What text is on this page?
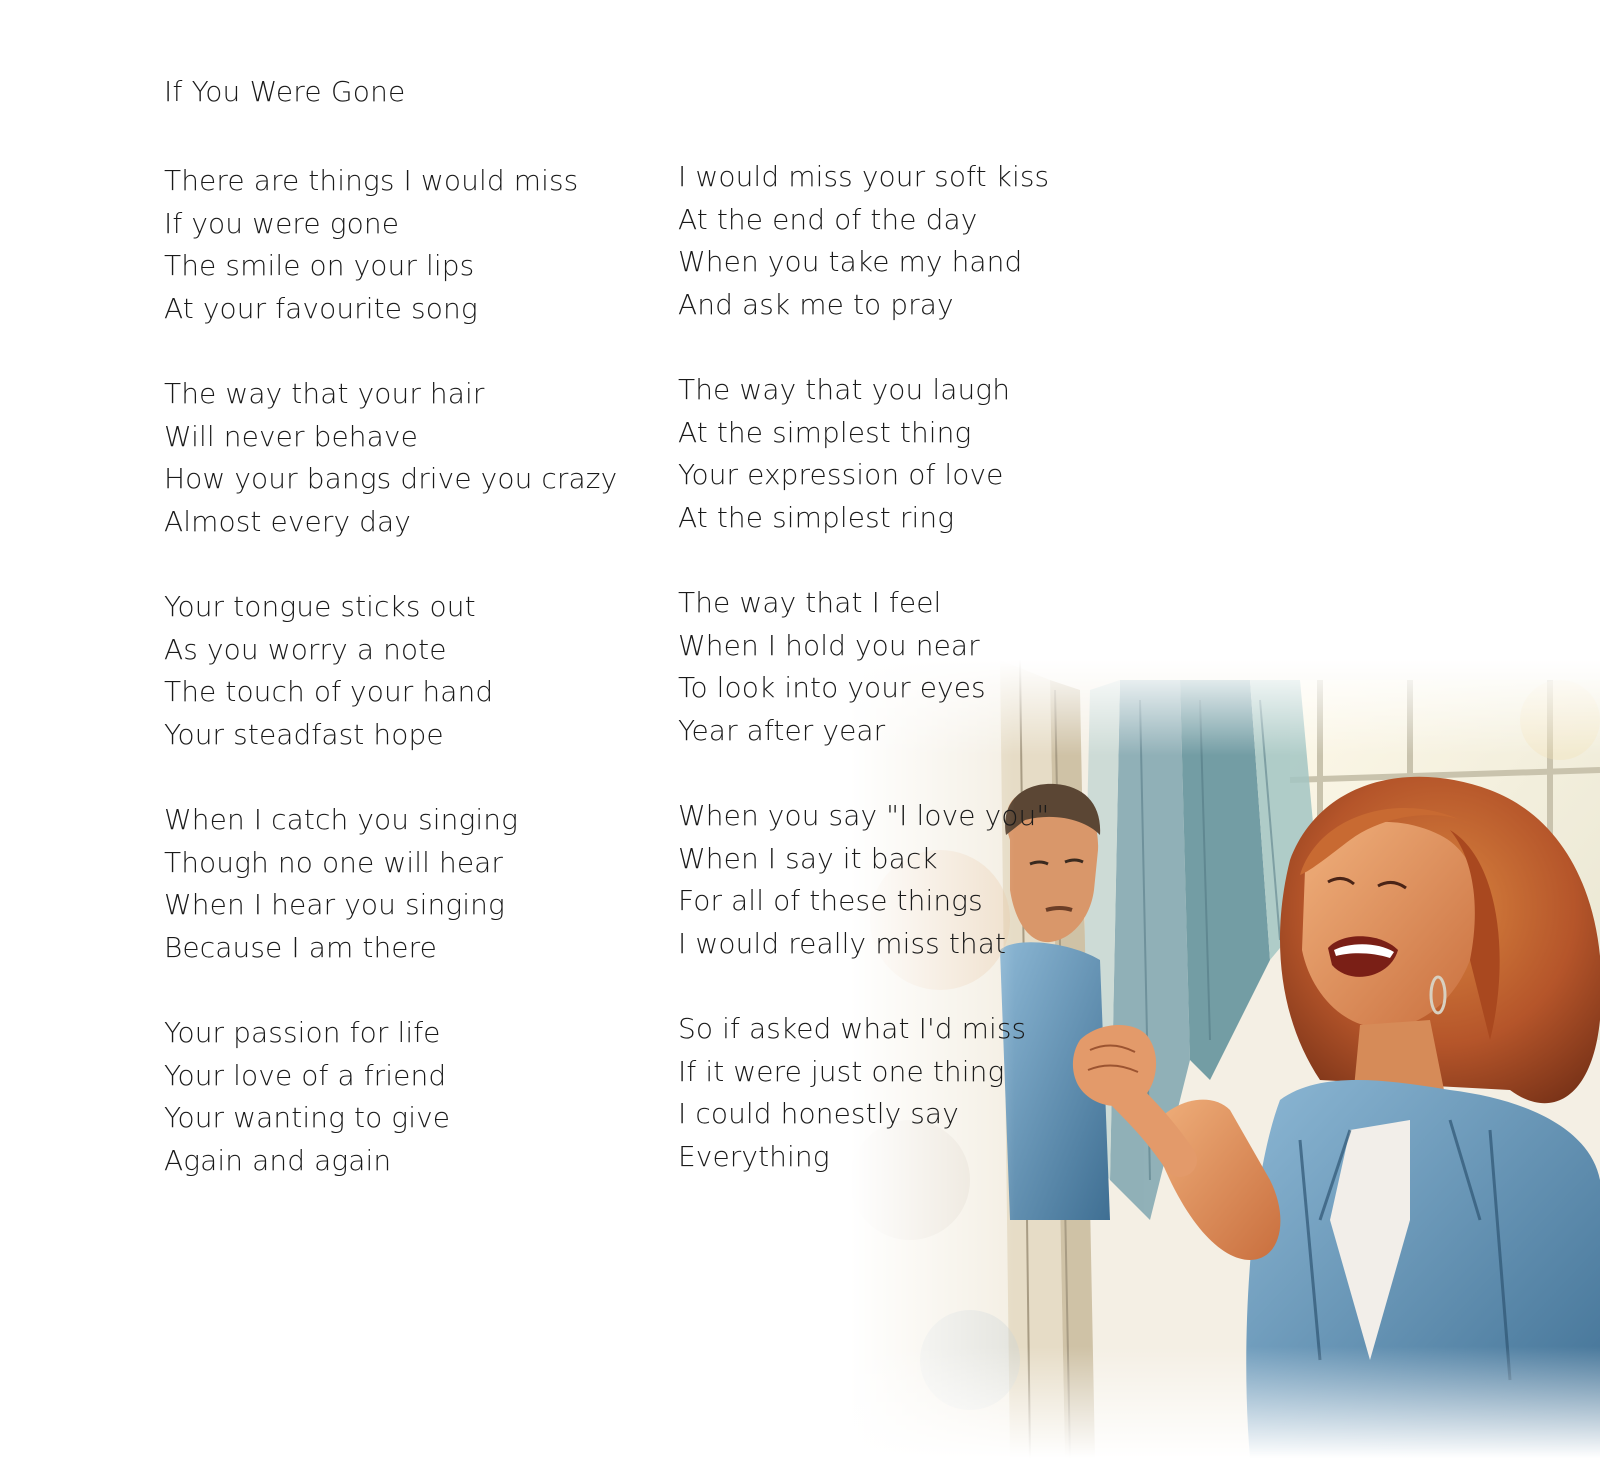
If You Were Gone
There are things I would miss
If you were gone
The smile on your lips
At your favourite song
The way that your hair
Will never behave
How your bangs drive you crazy
Almost every day
Your tongue sticks out
As you worry a note
The touch of your hand
Your steadfast hope
When I catch you singing
Though no one will hear
When I hear you singing
Because I am there
Your passion for life
Your love of a friend
Your wanting to give
Again and again
I would miss your soft kiss
At the end of the day
When you take my hand
And ask me to pray
The way that you laugh
At the simplest thing
Your expression of love
At the simplest ring
The way that I feel
When I hold you near
To look into your eyes
Year after year
When you say "I love you"
When I say it back
For all of these things
I would really miss that
So if asked what I'd miss
If it were just one thing
I could honestly say
Everything
